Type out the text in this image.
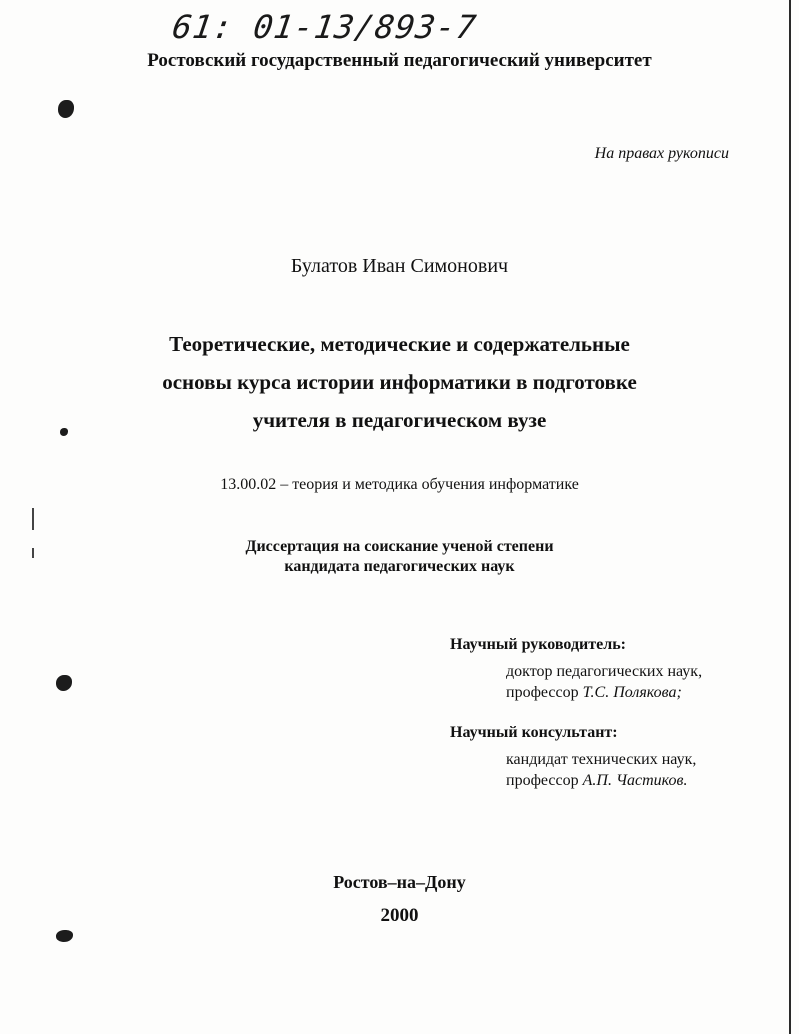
61: 01-13/893-7
Ростовский государственный педагогический университет
На правах рукописи
Булатов Иван Симонович
Теоретические, методические и содержательные
основы курса истории информатики в подготовке
учителя в педагогическом вузе
13.00.02 – теория и методика обучения информатике
Диссертация на соискание ученой степени
кандидата педагогических наук
Научный руководитель:
доктор педагогических наук,
профессор Т.С. Полякова;
Научный консультант:
кандидат технических наук,
профессор А.П. Частиков.
Ростов–на–Дону
2000
